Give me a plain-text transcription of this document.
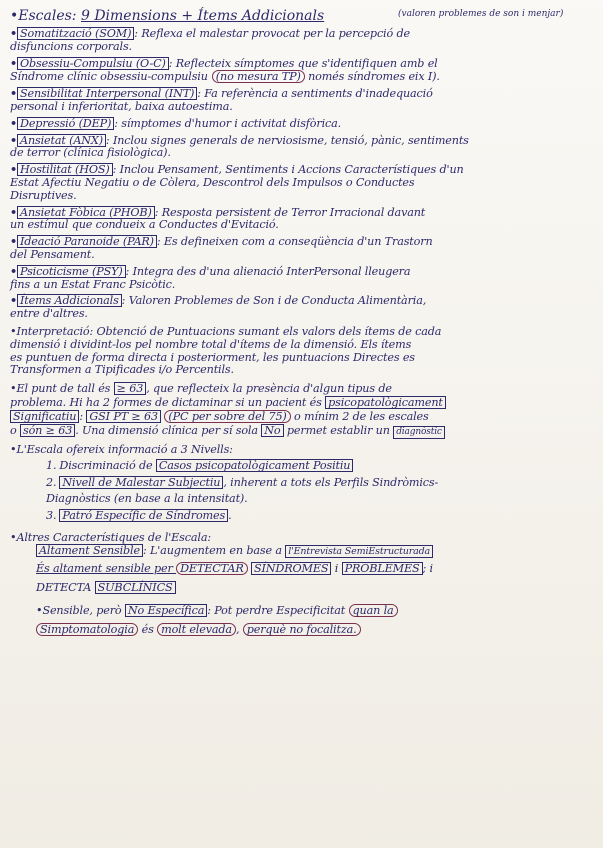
•Escales: 9 Dimensions + Ítems Addicionals	(valoren problemes de son i menjar)
• Somatització (SOM) : Reflexa el malestar provocat per la percepció de
disfuncions corporals.
• Obsessiu-Compulsiu (O-C) : Reflecteix símptomes que s'identifiquen amb el
Síndrome clínic obsessiu-compulsiu (no mesura TP) només síndromes eix I).
• Sensibilitat Interpersonal (INT) : Fa referència a sentiments d'inadequació
personal i inferioritat, baixa autoestima.
• Depressió (DEP) : símptomes d'humor i activitat disfòrica.
• Ansietat (ANX) : Inclou signes generals de nerviosisme, tensió, pànic, sentiments
de terror (clínica fisiològica).
• Hostilitat (HOS) : Inclou Pensament, Sentiments i Accions Característiques d'un
Estat Afectiu Negatiu o de Còlera, Descontrol dels Impulsos o Conductes
Disruptives.
• Ansietat Fòbica (PHOB) : Resposta persistent de Terror Irracional davant
un estímul que condueix a Conductes d'Evitació.
• Ideació Paranoide (PAR) : Es defineixen com a conseqüència d'un Trastorn
del Pensament.
• Psicoticisme (PSY) : Integra des d'una alienació InterPersonal lleugera
fins a un Estat Franc Psicòtic.
• Ítems Addicionals : Valoren Problemes de Son i de Conducta Alimentària,
entre d'altres.
•Interpretació: Obtenció de Puntuacions sumant els valors dels ítems de cada
dimensió i dividint-los pel nombre total d'ítems de la dimensió. Els ítems
es puntuen de forma directa i posteriorment, les puntuacions Directes es
Transformen a Tipificades i/o Percentils.
•El punt de tall és ≥ 63 , que reflecteix la presència d'algun tipus de
problema. Hi ha 2 formes de dictaminar si un pacient és psicopatològicament
Significatiu : GSI PT ≥ 63 (PC per sobre del 75) o mínim 2 de les escales
o són ≥ 63 . Una dimensió clínica per sí sola No permet establir un diagnòstic
•L'Escala ofereix informació a 3 Nivells:
1. Discriminació de Casos psicopatològicament Positiu
2. Nivell de Malestar Subjectiu , inherent a tots els Perfils Sindròmics-
Diagnòstics (en base a la intensitat).
3. Patró Específic de Síndromes .
•Altres Característiques de l'Escala:
Altament Sensible : L'augmentem en base a l'Entrevista SemiEstructurada
És altament sensible per DETECTAR SÍNDROMES i PROBLEMES ; i
DETECTA SUBCLÍNICS
•Sensible, però No Específica : Pot perdre Especificitat quan la
Simptomatologia és molt elevada , perquè no focalitza.
